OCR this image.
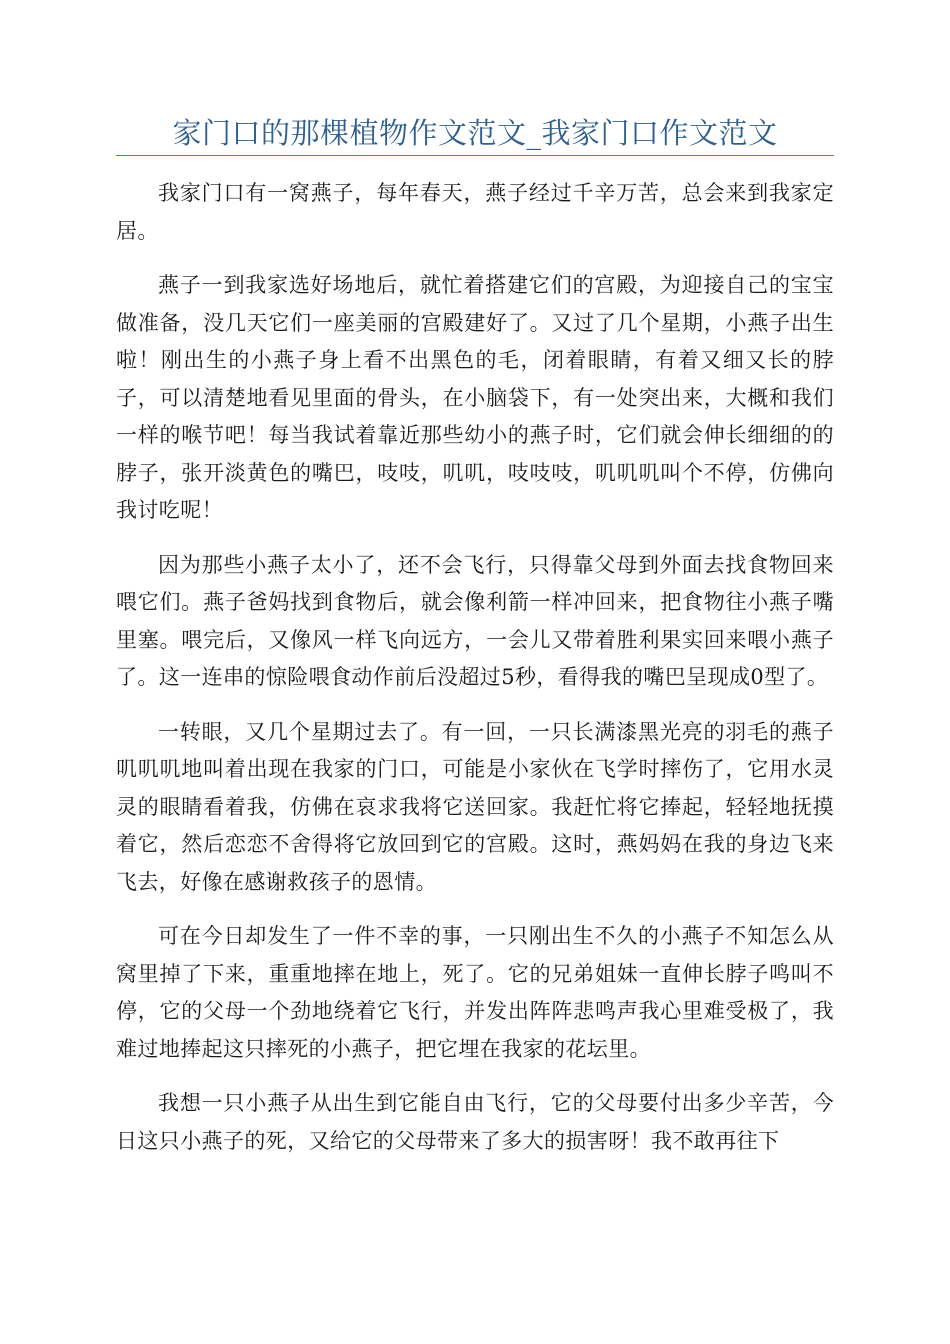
家门口的那棵植物作文范文_我家门口作文范文

我家门口有一窝燕子，每年春天，燕子经过千辛万苦，总会来到我家定居。

燕子一到我家选好场地后，就忙着搭建它们的宫殿，为迎接自己的宝宝做准备，没几天它们一座美丽的宫殿建好了。又过了几个星期，小燕子出生啦！刚出生的小燕子身上看不出黑色的毛，闭着眼睛，有着又细又长的脖子，可以清楚地看见里面的骨头，在小脑袋下，有一处突出来，大概和我们一样的喉节吧！每当我试着靠近那些幼小的燕子时，它们就会伸长细细的的脖子，张开淡黄色的嘴巴，吱吱，叽叽，吱吱吱，叽叽叽叫个不停，仿佛向我讨吃呢！

因为那些小燕子太小了，还不会飞行，只得靠父母到外面去找食物回来喂它们。燕子爸妈找到食物后，就会像利箭一样冲回来，把食物往小燕子嘴里塞。喂完后，又像风一样飞向远方，一会儿又带着胜利果实回来喂小燕子了。这一连串的惊险喂食动作前后没超过5秒，看得我的嘴巴呈现成0型了。

一转眼，又几个星期过去了。有一回，一只长满漆黑光亮的羽毛的燕子叽叽叽地叫着出现在我家的门口，可能是小家伙在飞学时摔伤了，它用水灵灵的眼睛看着我，仿佛在哀求我将它送回家。我赶忙将它捧起，轻轻地抚摸着它，然后恋恋不舍得将它放回到它的宫殿。这时，燕妈妈在我的身边飞来飞去，好像在感谢救孩子的恩情。

可在今日却发生了一件不幸的事，一只刚出生不久的小燕子不知怎么从窝里掉了下来，重重地摔在地上，死了。它的兄弟姐妹一直伸长脖子鸣叫不停，它的父母一个劲地绕着它飞行，并发出阵阵悲鸣声我心里难受极了，我难过地捧起这只摔死的小燕子，把它埋在我家的花坛里。

我想一只小燕子从出生到它能自由飞行，它的父母要付出多少辛苦，今日这只小燕子的死，又给它的父母带来了多大的损害呀！我不敢再往下
